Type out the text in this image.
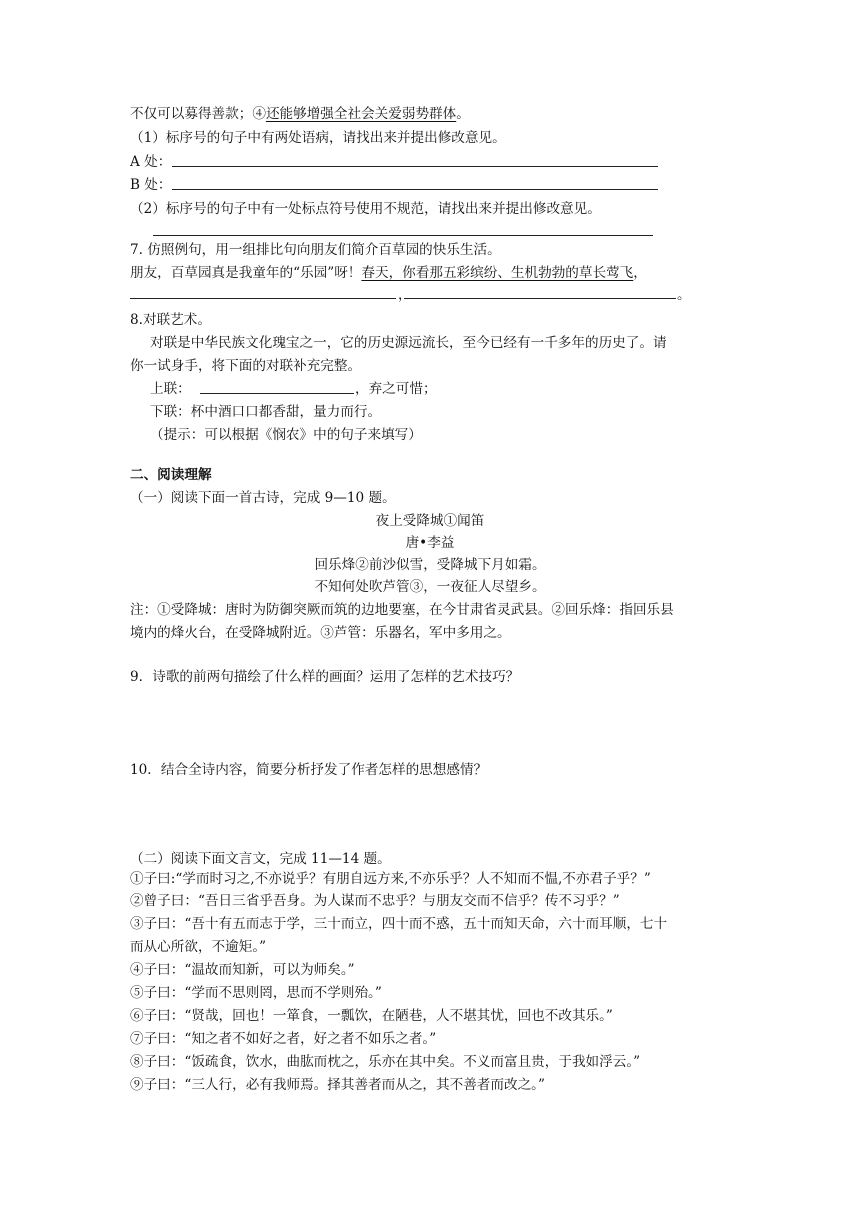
不仅可以募得善款；④还能够增强全社会关爱弱势群体。
（1）标序号的句子中有两处语病，请找出来并提出修改意见。
A 处：
B 处：
（2）标序号的句子中有一处标点符号使用不规范，请找出来并提出修改意见。
7. 仿照例句，用一组排比句向朋友们简介百草园的快乐生活。
朋友，百草园真是我童年的“乐园”呀！春天，你看那五彩缤纷、生机勃勃的草长莺飞，
，	。
8.对联艺术。
对联是中华民族文化瑰宝之一，它的历史源远流长，至今已经有一千多年的历史了。请
你一试身手，将下面的对联补充完整。
上联：	，弃之可惜；
下联：杯中酒口口都香甜，量力而行。
（提示：可以根据《悯农》中的句子来填写）
二、阅读理解
（一）阅读下面一首古诗，完成 9—10 题。
夜上受降城①闻笛
唐•李益
回乐烽②前沙似雪，受降城下月如霜。
不知何处吹芦管③，一夜征人尽望乡。
注：①受降城：唐时为防御突厥而筑的边地要塞，在今甘肃省灵武县。②回乐烽：指回乐县
境内的烽火台，在受降城附近。③芦管：乐器名，军中多用之。
9．诗歌的前两句描绘了什么样的画面？运用了怎样的艺术技巧？
10．结合全诗内容，简要分析抒发了作者怎样的思想感情？
（二）阅读下面文言文，完成 11—14 题。
①子曰:“学而时习之,不亦说乎？有朋自远方来,不亦乐乎？人不知而不愠,不亦君子乎？”
②曾子曰：“吾日三省乎吾身。为人谋而不忠乎？与朋友交而不信乎？传不习乎？”
③子曰：“吾十有五而志于学，三十而立，四十而不惑，五十而知天命，六十而耳顺，七十
而从心所欲，不逾矩。”
④子曰：“温故而知新，可以为师矣。”
⑤子曰：“学而不思则罔，思而不学则殆。”
⑥子曰：“贤哉，回也！一箪食，一瓢饮，在陋巷，人不堪其忧，回也不改其乐。”
⑦子曰：“知之者不如好之者，好之者不如乐之者。”
⑧子曰：“饭疏食，饮水，曲肱而枕之，乐亦在其中矣。不义而富且贵，于我如浮云。”
⑨子曰：“三人行，必有我师焉。择其善者而从之，其不善者而改之。”
